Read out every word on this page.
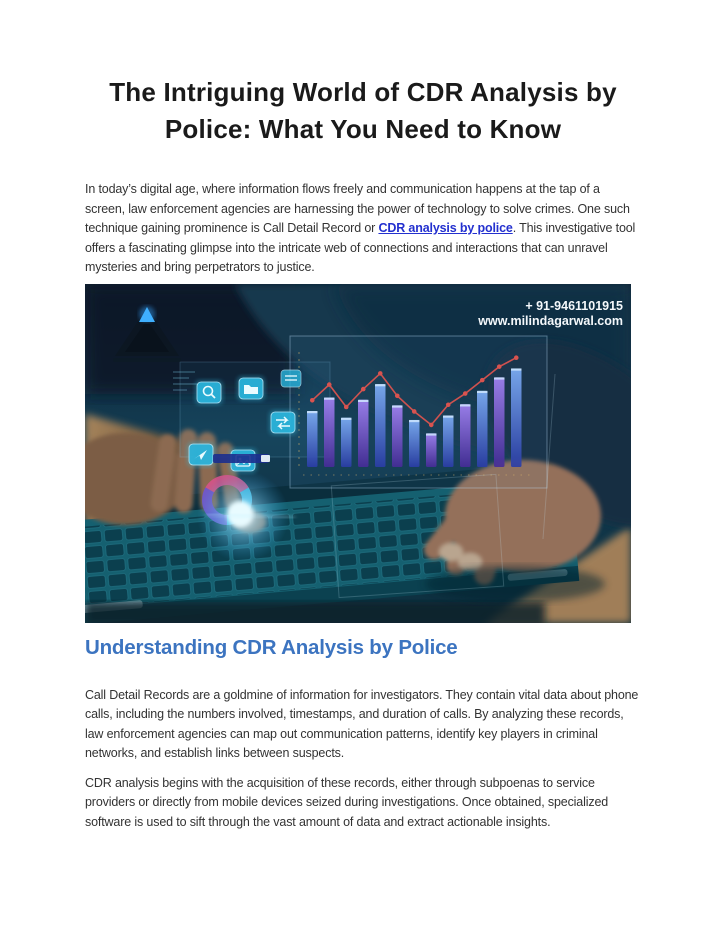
The Intriguing World of CDR Analysis by
Police: What You Need to Know

In today’s digital age, where information flows freely and communication happens at the tap of a screen, law enforcement agencies are harnessing the power of technology to solve crimes. One such technique gaining prominence is Call Detail Record or CDR analysis by police. This investigative tool offers a fascinating glimpse into the intricate web of connections and interactions that can unravel mysteries and bring perpetrators to justice.

+ 91-9461101915
www.milindagarwal.com
Understanding CDR Analysis by Police

Call Detail Records are a goldmine of information for investigators. They contain vital data about phone calls, including the numbers involved, timestamps, and duration of calls. By analyzing these records, law enforcement agencies can map out communication patterns, identify key players in criminal networks, and establish links between suspects.

CDR analysis begins with the acquisition of these records, either through subpoenas to service providers or directly from mobile devices seized during investigations. Once obtained, specialized software is used to sift through the vast amount of data and extract actionable insights.
